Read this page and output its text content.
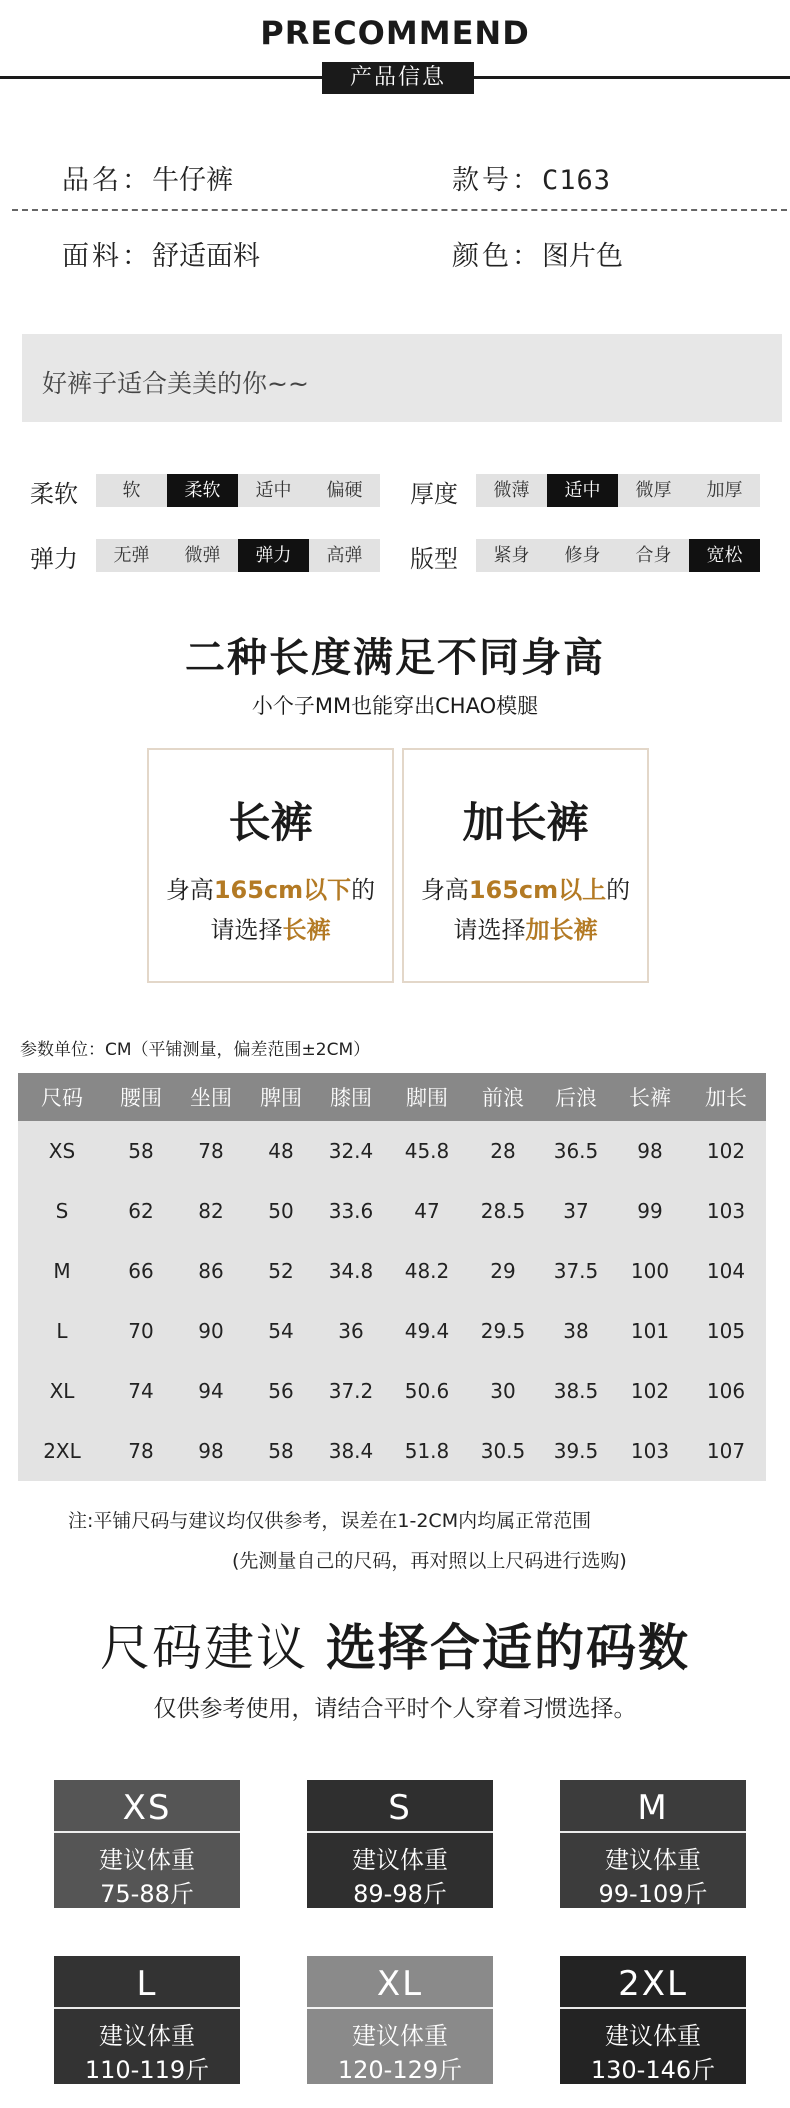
PRECOMMEND
产品信息
品名：牛仔裤	款号：C163
面料：舒适面料	颜色：图片色
好裤子适合美美的你~~
柔软	软	柔软	适中	偏硬	厚度	微薄	适中	微厚	加厚
弹力	无弹	微弹	弹力	高弹	版型	紧身	修身	合身	宽松
二种长度满足不同身高
小个子MM也能穿出CHAO模腿
长裤
身高165cm以下的
请选择长裤
加长裤
身高165cm以上的
请选择加长裤
参数单位：CM（平铺测量，偏差范围±2CM）
尺码	腰围	坐围	脾围	膝围	脚围	前浪	后浪	长裤	加长
XS	58	78	48	32.4	45.8	28	36.5	98	102
S	62	82	50	33.6	47	28.5	37	99	103
M	66	86	52	34.8	48.2	29	37.5	100	104
L	70	90	54	36	49.4	29.5	38	101	105
XL	74	94	56	37.2	50.6	30	38.5	102	106
2XL	78	98	58	38.4	51.8	30.5	39.5	103	107
注:平铺尺码与建议均仅供参考，误差在1-2CM内均属正常范围
(先测量自己的尺码，再对照以上尺码进行选购)
尺码建议 选择合适的码数
仅供参考使用，请结合平时个人穿着习惯选择。
XS
建议体重
75-88斤
S
建议体重
89-98斤
M
建议体重
99-109斤
L
建议体重
110-119斤
XL
建议体重
120-129斤
2XL
建议体重
130-146斤
